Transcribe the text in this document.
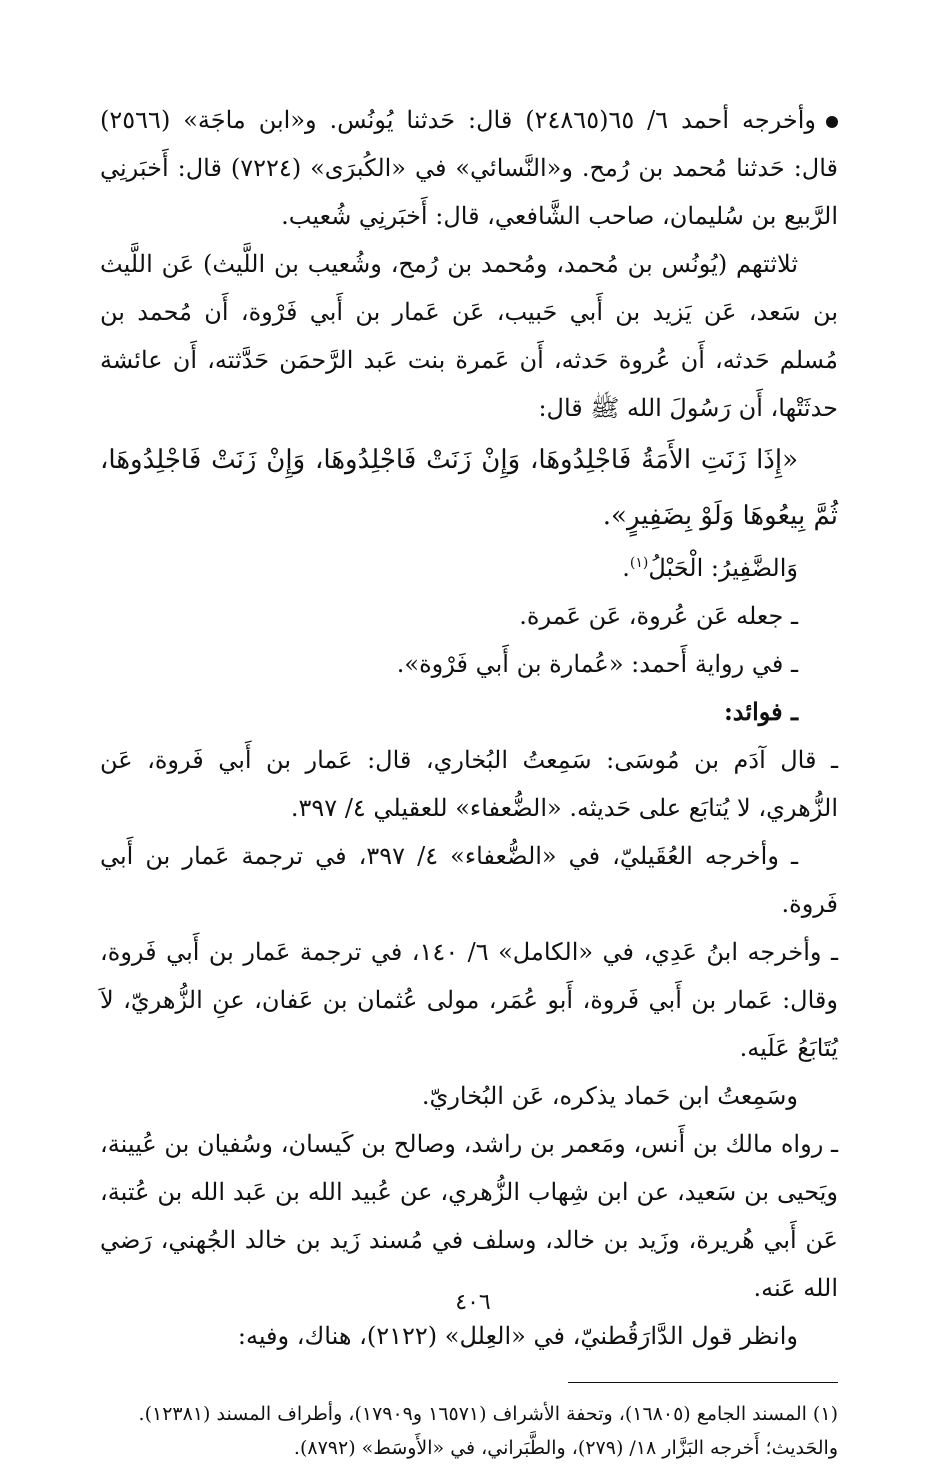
وأخرجه أحمد ٦/ ٦٥(٢٤٨٦٥) قال: حَدثنا يُونُس. و«ابن ماجَة» (٢٥٦٦) قال: حَدثنا مُحمد بن رُمح. و«النَّسائي» في «الكُبرَى» (٧٢٢٤) قال: أَخبَرنِي الرَّبيع بن سُليمان، صاحب الشَّافعي، قال: أَخبَرنِي شُعيب.

ثلاثتهم (يُونُس بن مُحمد، ومُحمد بن رُمح، وشُعيب بن اللَّيث) عَن اللَّيث بن سَعد، عَن يَزيد بن أَبي حَبيب، عَن عَمار بن أَبي فَرْوة، أَن مُحمد بن مُسلم حَدثه، أَن عُروة حَدثه، أَن عَمرة بنت عَبد الرَّحمَن حَدَّثته، أَن عائشة حدثَتْها، أَن رَسُولَ الله ﷺ قال:

«إِذَا زَنَتِ الأَمَةُ فَاجْلِدُوهَا، وَإِنْ زَنَتْ فَاجْلِدُوهَا، وَإِنْ زَنَتْ فَاجْلِدُوهَا، ثُمَّ بِيعُوهَا وَلَوْ بِضَفِيرٍ».

وَالضَّفِيرُ: الْحَبْلُ$^{(١)}$.

ـ جعله عَن عُروة، عَن عَمرة.

ـ في رواية أَحمد: «عُمارة بن أَبي فَرْوة».

ـ فوائد:

ـ قال آدَم بن مُوسَى: سَمِعتُ البُخاري، قال: عَمار بن أَبي فَروة، عَن الزُّهري، لا يُتابَع على حَديثه. «الضُّعفاء» للعقيلي ٤/ ٣٩٧.

ـ وأخرجه العُقَيليّ، في «الضُّعفاء» ٤/ ٣٩٧، في ترجمة عَمار بن أَبي فَروة.

ـ وأخرجه ابنُ عَدِي، في «الكامل» ٦/ ١٤٠، في ترجمة عَمار بن أَبي فَروة، وقال: عَمار بن أَبي فَروة، أَبو عُمَر، مولى عُثمان بن عَفان، عنِ الزُّهريّ، لاَ يُتَابَعُ عَلَيه.

وسَمِعتُ ابن حَماد يذكره، عَن البُخاريّ.

ـ رواه مالك بن أَنس، ومَعمر بن راشد، وصالح بن كَيسان، وسُفيان بن عُيينة، ويَحيى بن سَعيد، عن ابن شِهاب الزُّهري، عن عُبيد الله بن عَبد الله بن عُتبة، عَن أَبي هُريرة، وزَيد بن خالد، وسلف في مُسند زَيد بن خالد الجُهني، رَضي الله عَنه.

وانظر قول الدَّارَقُطنيّ، في «العِلل» (٢١٢٢)، هناك، وفيه:

(١) المسند الجامع (١٦٨٠٥)، وتحفة الأشراف (١٦٥٧١ و١٧٩٠٩)، وأطراف المسند (١٢٣٨١).

والحَديث؛ أَخرجه البَزَّار ١٨/ (٢٧٩)، والطَّبَراني، في «الأَوسَط» (٨٧٩٢).

٤٠٦
